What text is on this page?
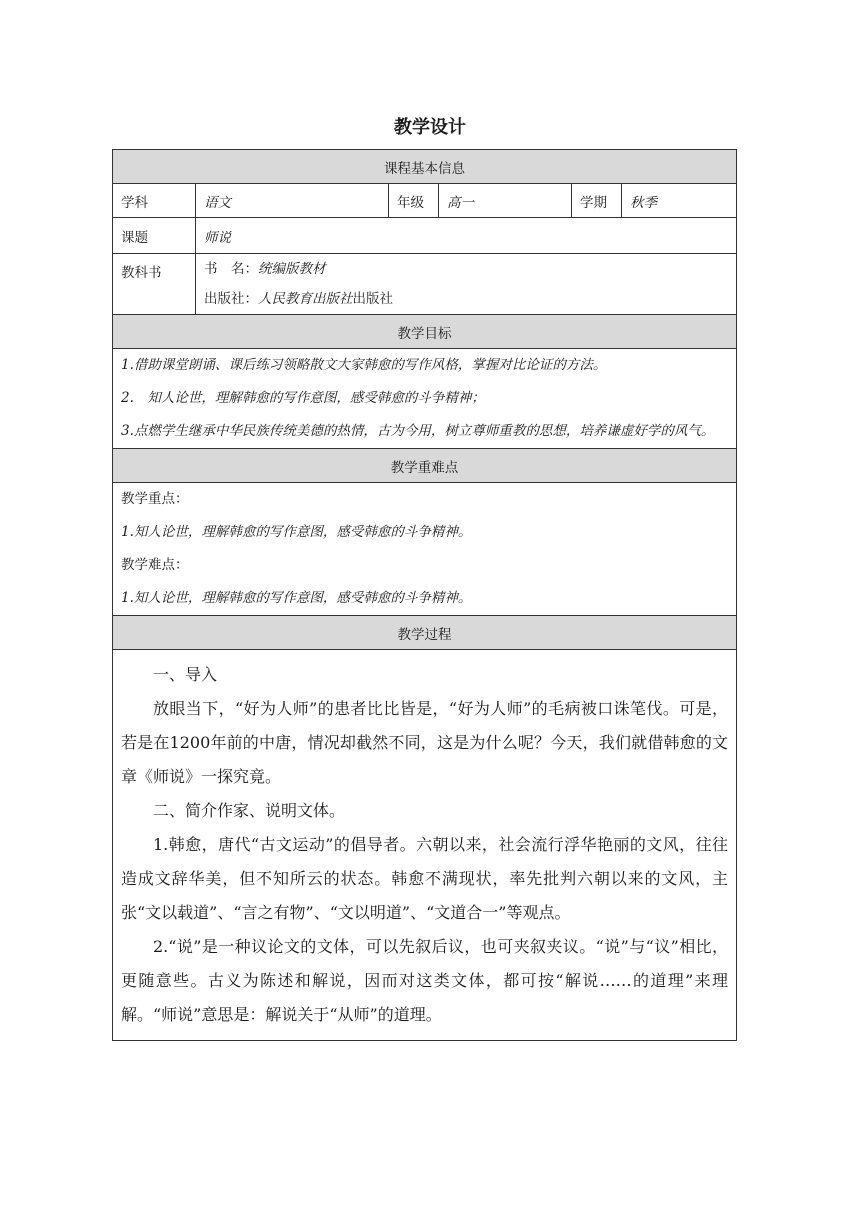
教学设计
课程基本信息					
学科	语文	年级	高一	学期	秋季
课题	师说				

教科书	书　名：统编版教材
出版社：人民教育出版社出版社				

教学目标					

1.借助课堂朗诵、课后练习领略散文大家韩愈的写作风格，掌握对比论证的方法。
2.　知人论世，理解韩愈的写作意图，感受韩愈的斗争精神；
3.点燃学生继承中华民族传统美德的热情，古为今用，树立尊师重教的思想，培养谦虚好学的风气。					

教学重难点					

教学重点：
1.知人论世，理解韩愈的写作意图，感受韩愈的斗争精神。
教学难点：
1.知人论世，理解韩愈的写作意图，感受韩愈的斗争精神。					

教学过程					

一、导入

放眼当下，“好为人师”的患者比比皆是，“好为人师”的毛病被口诛笔伐。可是，若是在1200年前的中唐，情况却截然不同，这是为什么呢？今天，我们就借韩愈的文章《师说》一探究竟。

二、简介作家、说明文体。

1.韩愈，唐代“古文运动”的倡导者。六朝以来，社会流行浮华艳丽的文风，往往造成文辞华美，但不知所云的状态。韩愈不满现状，率先批判六朝以来的文风，主张“文以载道”、“言之有物”、“文以明道”、“文道合一”等观点。

2.“说”是一种议论文的文体，可以先叙后议，也可夹叙夹议。“说”与“议”相比，更随意些。古义为陈述和解说，因而对这类文体，都可按“解说……的道理”来理解。“师说”意思是：解说关于“从师”的道理。					
